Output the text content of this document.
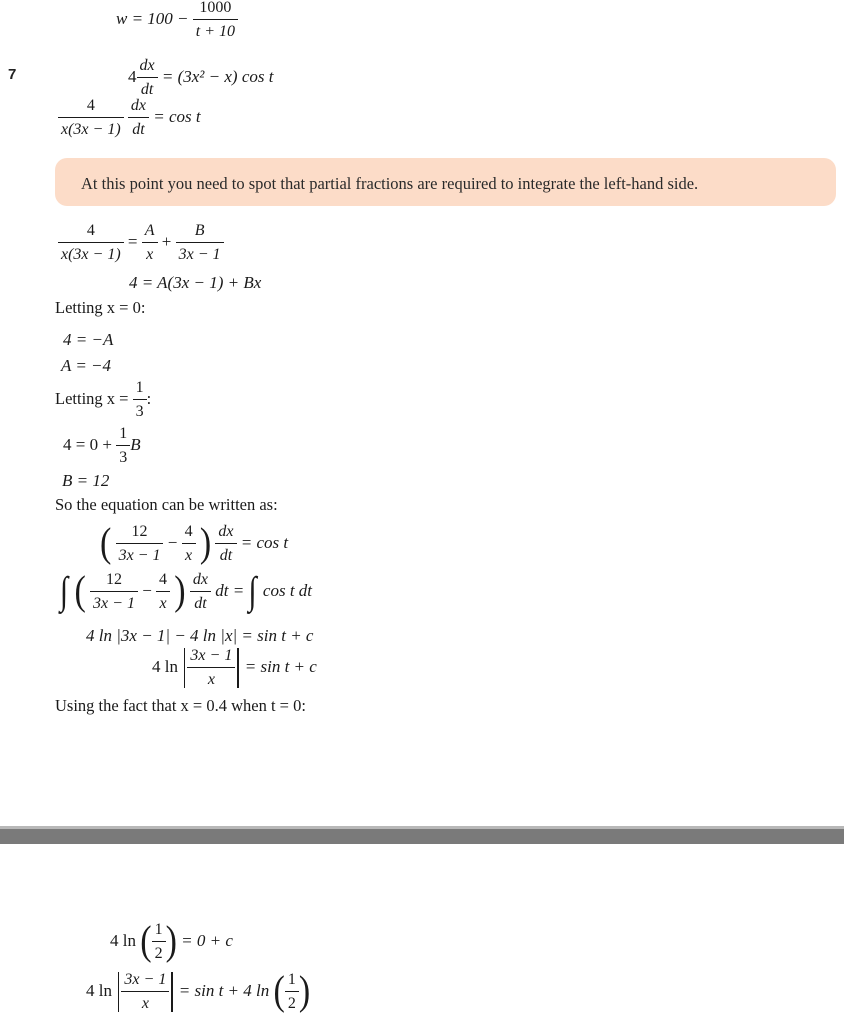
7
$w = 100 - \frac{1000}{t + 10}$
$4 \frac{dx}{dt} = (3x^2 - x)$ cos t
$\frac{4}{x(3x - 1)}$
$\frac{dx}{dt} = \cos t$
At this point you need to spot that partial fractions are required to integrate the left-hand side.
$\frac{4}{x(3x - 1)} = \frac{A}{x} + \frac{B}{3x - 1}$
4 = A(3x − 1) + Bx
Letting x = 0:
4 = −A
A = −4
Letting $x = \frac{1}{3}$ :
$4 = 0 + \frac{1}{3}$ B
B = 12
So the equation can be written as:
( $\frac{12}{3x - 1} - \frac{4}{x}$ ) $\frac{dx}{dt} = \cos t$
∫ ( $\frac{12}{3x - 1} - \frac{4}{x}$ ) $\frac{dx}{dt}$ dt = ∫ cos t dt
4 ln |3x − 1| − 4 ln |x| = sin t + c
4 $\ln \frac{3x - 1}{x} = \sin t + c$
Using the fact that x = 0.4 when t = 0:
4 ln ( $\frac{1}{2}$ ) = 0 + c
4 $\ln \frac{3x - 1}{x} = \sin t + 4$ ln ( $\frac{1}{2}$ )
